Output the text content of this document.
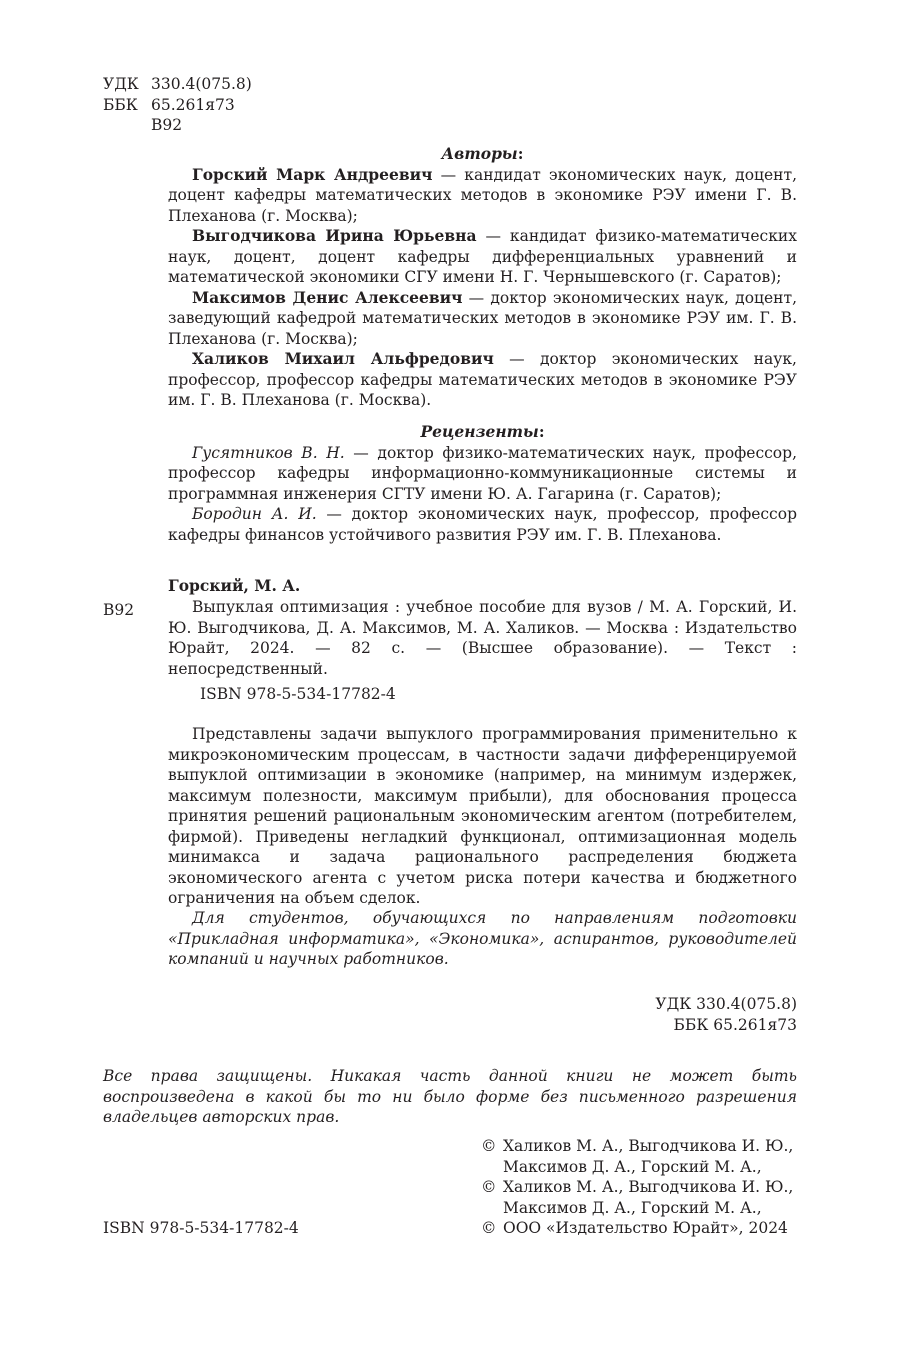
УДК 330.4(075.8)
ББК 65.261я73
В92
Авторы:

Горский Марк Андреевич — кандидат экономических наук, доцент, доцент кафедры математических методов в экономике РЭУ имени Г. В. Плеханова (г. Москва);

Выгодчикова Ирина Юрьевна — кандидат физико-математических наук, доцент, доцент кафедры дифференциальных уравнений и математической экономики СГУ имени Н. Г. Чернышевского (г. Саратов);

Максимов Денис Алексеевич — доктор экономических наук, доцент, заведующий кафедрой математических методов в экономике РЭУ им. Г. В. Плеханова (г. Москва);

Халиков Михаил Альфредович — доктор экономических наук, профессор, профессор кафедры математических методов в экономике РЭУ им. Г. В. Плеханова (г. Москва).

Рецензенты:

Гусятников В. Н. — доктор физико-математических наук, профессор, профессор кафедры информационно-коммуникационные системы и программная инженерия СГТУ имени Ю. А. Гагарина (г. Саратов);

Бородин А. И. — доктор экономических наук, профессор, профессор кафедры финансов устойчивого развития РЭУ им. Г. В. Плеханова.

Горский, М. А.
В92	Выпуклая оптимизация : учебное пособие для вузов / М. А. Горский, И. Ю. Выгодчикова, Д. А. Максимов, М. А. Халиков. — Москва : Издательство Юрайт, 2024. — 82 с. — (Высшее образование). — Текст : непосредственный.

ISBN 978-5-534-17782-4

Представлены задачи выпуклого программирования применительно к микроэкономическим процессам, в частности задачи дифференцируемой выпуклой оптимизации в экономике (например, на минимум издержек, максимум полезности, максимум прибыли), для обоснования процесса принятия решений рациональным экономическим агентом (потребителем, фирмой). Приведены негладкий функционал, оптимизационная модель минимакса и задача рационального распределения бюджета экономического агента с учетом риска потери качества и бюджетного ограничения на объем сделок.

Для студентов, обучающихся по направлениям подготовки «Прикладная информатика», «Экономика», аспирантов, руководителей компаний и научных работников.

УДК 330.4(075.8)
ББК 65.261я73

Все права защищены. Никакая часть данной книги не может быть воспроизведена в какой бы то ни было форме без письменного разрешения владельцев авторских прав.

© Халиков М. А., Выгодчикова И. Ю., Максимов Д. А., Горский М. А.,
© Халиков М. А., Выгодчикова И. Ю., Максимов Д. А., Горский М. А.,
© ООО «Издательство Юрайт», 2024
ISBN 978-5-534-17782-4
